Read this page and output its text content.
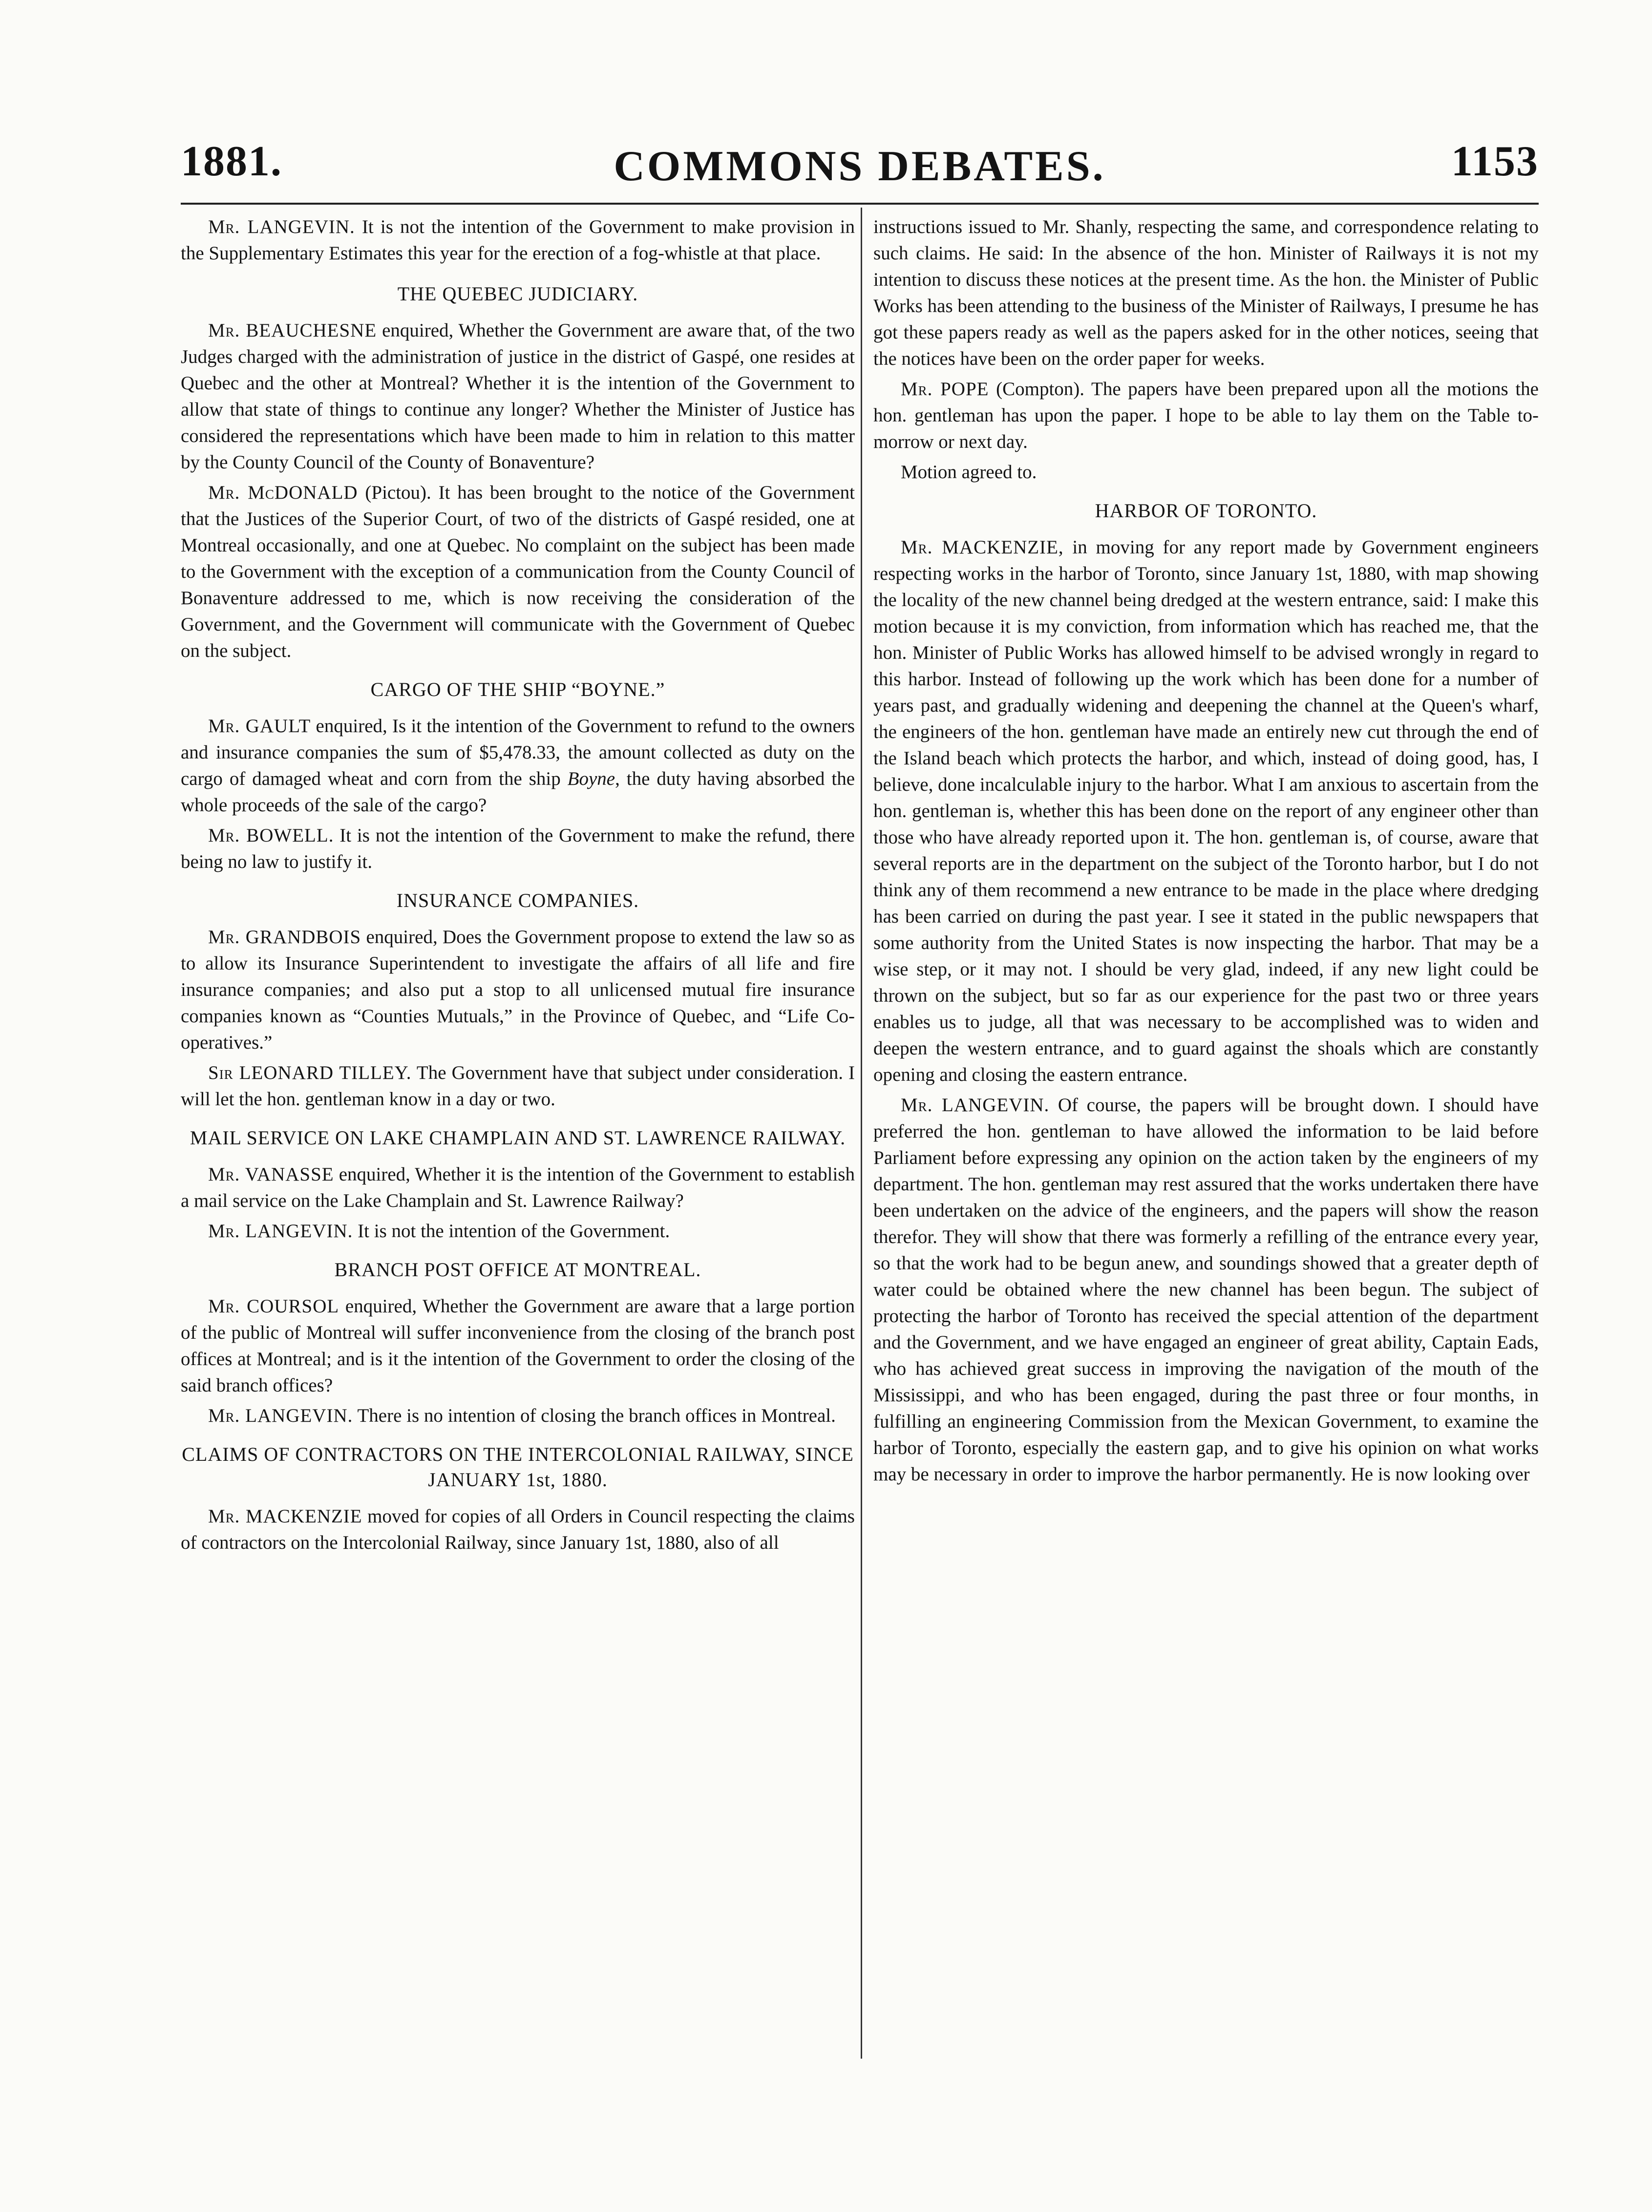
1881.	COMMONS DEBATES.	1153

Mr. LANGEVIN. It is not the intention of the Government to make provision in the Supplementary Estimates this year for the erection of a fog-whistle at that place.

THE QUEBEC JUDICIARY.

Mr. BEAUCHESNE enquired, Whether the Government are aware that, of the two Judges charged with the administration of justice in the district of Gaspé, one resides at Quebec and the other at Montreal? Whether it is the intention of the Government to allow that state of things to continue any longer? Whether the Minister of Justice has considered the representations which have been made to him in relation to this matter by the County Council of the County of Bonaventure?

Mr. McDONALD (Pictou). It has been brought to the notice of the Government that the Justices of the Superior Court, of two of the districts of Gaspé resided, one at Montreal occasionally, and one at Quebec. No complaint on the subject has been made to the Government with the exception of a communication from the County Council of Bonaventure addressed to me, which is now receiving the consideration of the Government, and the Government will communicate with the Government of Quebec on the subject.

CARGO OF THE SHIP “BOYNE.”

Mr. GAULT enquired, Is it the intention of the Government to refund to the owners and insurance companies the sum of $5,478.33, the amount collected as duty on the cargo of damaged wheat and corn from the ship Boyne, the duty having absorbed the whole proceeds of the sale of the cargo?

Mr. BOWELL. It is not the intention of the Government to make the refund, there being no law to justify it.

INSURANCE COMPANIES.

Mr. GRANDBOIS enquired, Does the Government propose to extend the law so as to allow its Insurance Superintendent to investigate the affairs of all life and fire insurance companies; and also put a stop to all unlicensed mutual fire insurance companies known as “Counties Mutuals,” in the Province of Quebec, and “Life Co-operatives.”

Sir LEONARD TILLEY. The Government have that subject under consideration. I will let the hon. gentleman know in a day or two.

MAIL SERVICE ON LAKE CHAMPLAIN AND ST. LAWRENCE RAILWAY.

Mr. VANASSE enquired, Whether it is the intention of the Government to establish a mail service on the Lake Champlain and St. Lawrence Railway?

Mr. LANGEVIN. It is not the intention of the Government.

BRANCH POST OFFICE AT MONTREAL.

Mr. COURSOL enquired, Whether the Government are aware that a large portion of the public of Montreal will suffer inconvenience from the closing of the branch post offices at Montreal; and is it the intention of the Government to order the closing of the said branch offices?

Mr. LANGEVIN. There is no intention of closing the branch offices in Montreal.

CLAIMS OF CONTRACTORS ON THE INTERCOLONIAL RAILWAY, SINCE JANUARY 1st, 1880.

Mr. MACKENZIE moved for copies of all Orders in Council respecting the claims of contractors on the Intercolonial Railway, since January 1st, 1880, also of all

instructions issued to Mr. Shanly, respecting the same, and correspondence relating to such claims. He said: In the absence of the hon. Minister of Railways it is not my intention to discuss these notices at the present time. As the hon. the Minister of Public Works has been attending to the business of the Minister of Railways, I presume he has got these papers ready as well as the papers asked for in the other notices, seeing that the notices have been on the order paper for weeks.

Mr. POPE (Compton). The papers have been prepared upon all the motions the hon. gentleman has upon the paper. I hope to be able to lay them on the Table to-morrow or next day.

Motion agreed to.

HARBOR OF TORONTO.

Mr. MACKENZIE, in moving for any report made by Government engineers respecting works in the harbor of Toronto, since January 1st, 1880, with map showing the locality of the new channel being dredged at the western entrance, said: I make this motion because it is my conviction, from information which has reached me, that the hon. Minister of Public Works has allowed himself to be advised wrongly in regard to this harbor. Instead of following up the work which has been done for a number of years past, and gradually widening and deepening the channel at the Queen's wharf, the engineers of the hon. gentleman have made an entirely new cut through the end of the Island beach which protects the harbor, and which, instead of doing good, has, I believe, done incalculable injury to the harbor. What I am anxious to ascertain from the hon. gentleman is, whether this has been done on the report of any engineer other than those who have already reported upon it. The hon. gentleman is, of course, aware that several reports are in the department on the subject of the Toronto harbor, but I do not think any of them recommend a new entrance to be made in the place where dredging has been carried on during the past year. I see it stated in the public newspapers that some authority from the United States is now inspecting the harbor. That may be a wise step, or it may not. I should be very glad, indeed, if any new light could be thrown on the subject, but so far as our experience for the past two or three years enables us to judge, all that was necessary to be accomplished was to widen and deepen the western entrance, and to guard against the shoals which are constantly opening and closing the eastern entrance.

Mr. LANGEVIN. Of course, the papers will be brought down. I should have preferred the hon. gentleman to have allowed the information to be laid before Parliament before expressing any opinion on the action taken by the engineers of my department. The hon. gentleman may rest assured that the works undertaken there have been undertaken on the advice of the engineers, and the papers will show the reason therefor. They will show that there was formerly a refilling of the entrance every year, so that the work had to be begun anew, and soundings showed that a greater depth of water could be obtained where the new channel has been begun. The subject of protecting the harbor of Toronto has received the special attention of the department and the Government, and we have engaged an engineer of great ability, Captain Eads, who has achieved great success in improving the navigation of the mouth of the Mississippi, and who has been engaged, during the past three or four months, in fulfilling an engineering Commission from the Mexican Government, to examine the harbor of Toronto, especially the eastern gap, and to give his opinion on what works may be necessary in order to improve the harbor permanently. He is now looking over
